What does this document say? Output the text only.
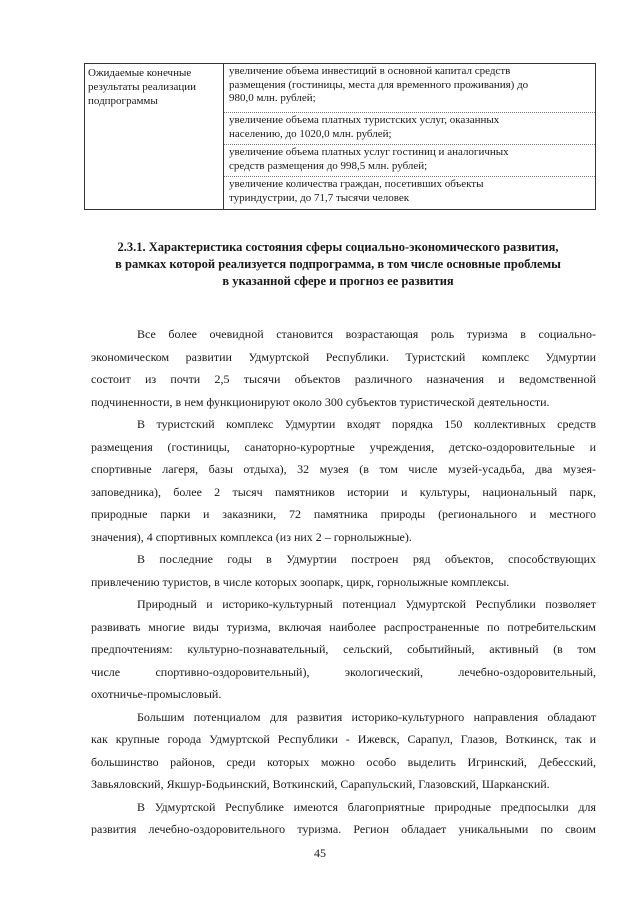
Ожидаемые конечные
результаты реализации
подпрограммы
увеличение объема инвестиций в основной капитал средств
размещения (гостиницы, места для временного проживания) до
980,0 млн. рублей;
увеличение объема платных туристских услуг, оказанных
населению, до 1020,0 млн. рублей;
увеличение объема платных услуг гостиниц и аналогичных
средств размещения до 998,5 млн. рублей;
увеличение количества граждан, посетивших объекты
туриндустрии, до 71,7 тысячи человек
2.3.1. Характеристика состояния сферы социально-экономического развития,
в рамках которой реализуется подпрограмма, в том числе основные проблемы
в указанной сфере и прогноз ее развития
Все более очевидной становится возрастающая роль туризма в социально-
экономическом развитии Удмуртской Республики. Туристский комплекс Удмуртии
состоит из почти 2,5 тысячи объектов различного назначения и ведомственной
подчиненности, в нем функционируют около 300 субъектов туристической деятельности.
В туристский комплекс Удмуртии входят порядка 150 коллективных средств
размещения (гостиницы, санаторно-курортные учреждения, детско-оздоровительные и
спортивные лагеря, базы отдыха), 32 музея (в том числе музей-усадьба, два музея-
заповедника), более 2 тысяч памятников истории и культуры, национальный парк,
природные парки и заказники, 72 памятника природы (регионального и местного
значения), 4 спортивных комплекса (из них 2 – горнолыжные).
В последние годы в Удмуртии построен ряд объектов, способствующих
привлечению туристов, в числе которых зоопарк, цирк, горнолыжные комплексы.
Природный и историко-культурный потенциал Удмуртской Республики позволяет
развивать многие виды туризма, включая наиболее распространенные по потребительским
предпочтениям: культурно-познавательный, сельский, событийный, активный (в том
числе спортивно-оздоровительный), экологический, лечебно-оздоровительный,
охотничье-промысловый.
Большим потенциалом для развития историко-культурного направления обладают
как крупные города Удмуртской Республики - Ижевск, Сарапул, Глазов, Воткинск, так и
большинство районов, среди которых можно особо выделить Игринский, Дебесский,
Завьяловский, Якшур-Бодьинский, Воткинский, Сарапульский, Глазовский, Шарканский.
В Удмуртской Республике имеются благоприятные природные предпосылки для
развития лечебно-оздоровительного туризма. Регион обладает уникальными по своим
45
